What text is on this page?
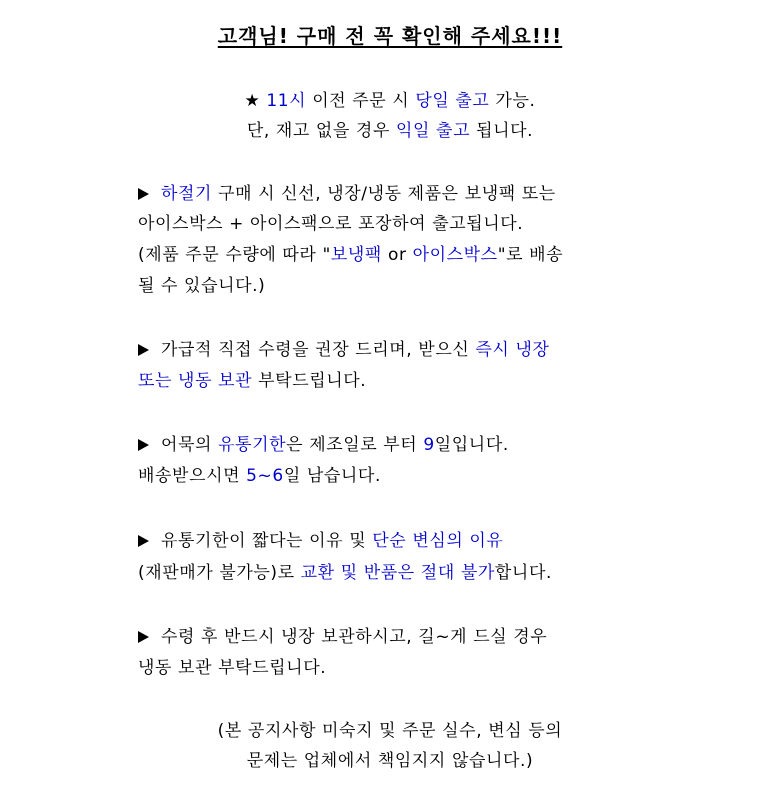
고객님! 구매 전 꼭 확인해 주세요!!!
★ 11시 이전 주문 시 당일 출고 가능.
단, 재고 없을 경우 익일 출고 됩니다.
하절기 구매 시 신선, 냉장/냉동 제품은 보냉팩 또는
아이스박스 + 아이스팩으로 포장하여 출고됩니다.
(제품 주문 수량에 따라 "보냉팩 or 아이스박스"로 배송
될 수 있습니다.)
가급적 직접 수령을 권장 드리며, 받으신 즉시 냉장
또는 냉동 보관 부탁드립니다.
어묵의 유통기한은 제조일로 부터 9일입니다.
배송받으시면 5~6일 남습니다.
유통기한이 짧다는 이유 및 단순 변심의 이유
(재판매가 불가능)로 교환 및 반품은 절대 불가합니다.
수령 후 반드시 냉장 보관하시고, 길~게 드실 경우
냉동 보관 부탁드립니다.
(본 공지사항 미숙지 및 주문 실수, 변심 등의
문제는 업체에서 책임지지 않습니다.)
